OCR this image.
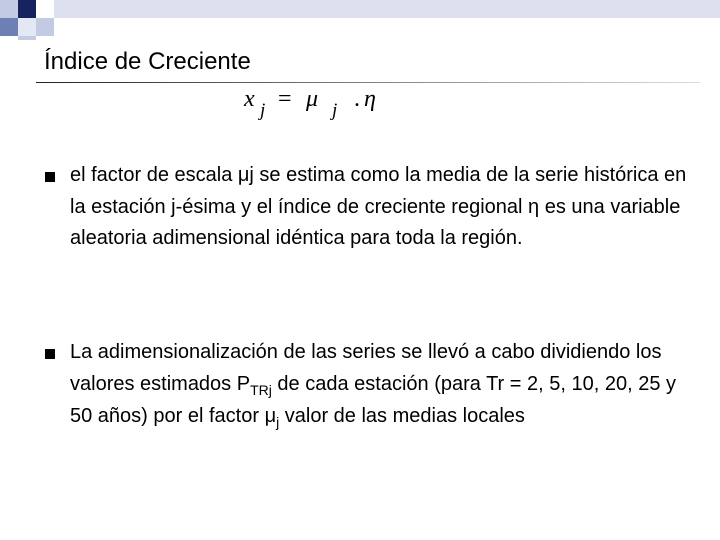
Índice de Creciente
x j = μ j . η
el factor de escala μj se estima como la media de la serie histórica en la estación j-ésima y el índice de creciente regional η es una variable aleatoria adimensional idéntica para toda la región.
La adimensionalización de las series se llevó a cabo dividiendo los valores estimados $P_{TRj}$ de cada estación (para Tr = 2, 5, 10, 20, 25 y 50 años) por el factor $\mu_j$ valor de las medias locales
